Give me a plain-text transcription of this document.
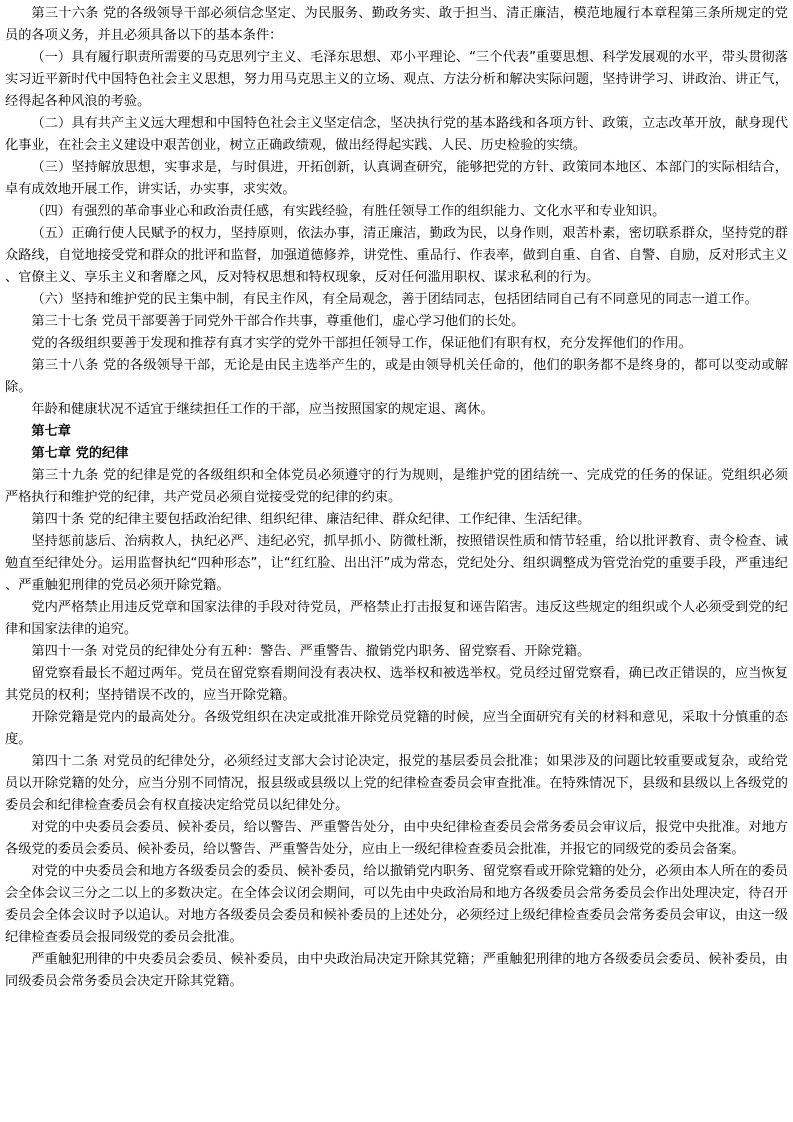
第三十六条 党的各级领导干部必须信念坚定、为民服务、勤政务实、敢于担当、清正廉洁，模范地履行本章程第三条所规定的党员的各项义务，并且必须具备以下的基本条件：

（一）具有履行职责所需要的马克思列宁主义、毛泽东思想、邓小平理论、“三个代表”重要思想、科学发展观的水平，带头贯彻落实习近平新时代中国特色社会主义思想，努力用马克思主义的立场、观点、方法分析和解决实际问题，坚持讲学习、讲政治、讲正气，经得起各种风浪的考验。

（二）具有共产主义远大理想和中国特色社会主义坚定信念，坚决执行党的基本路线和各项方针、政策，立志改革开放，献身现代化事业，在社会主义建设中艰苦创业，树立正确政绩观，做出经得起实践、人民、历史检验的实绩。

（三）坚持解放思想，实事求是，与时俱进，开拓创新，认真调查研究，能够把党的方针、政策同本地区、本部门的实际相结合，卓有成效地开展工作，讲实话，办实事，求实效。

（四）有强烈的革命事业心和政治责任感，有实践经验，有胜任领导工作的组织能力、文化水平和专业知识。

（五）正确行使人民赋予的权力，坚持原则，依法办事，清正廉洁，勤政为民，以身作则，艰苦朴素，密切联系群众，坚持党的群众路线，自觉地接受党和群众的批评和监督，加强道德修养，讲党性、重品行、作表率，做到自重、自省、自警、自励，反对形式主义、官僚主义、享乐主义和奢靡之风，反对特权思想和特权现象，反对任何滥用职权、谋求私利的行为。

（六）坚持和维护党的民主集中制，有民主作风，有全局观念，善于团结同志，包括团结同自己有不同意见的同志一道工作。

第三十七条 党员干部要善于同党外干部合作共事，尊重他们，虚心学习他们的长处。

党的各级组织要善于发现和推荐有真才实学的党外干部担任领导工作，保证他们有职有权，充分发挥他们的作用。

第三十八条 党的各级领导干部，无论是由民主选举产生的，或是由领导机关任命的，他们的职务都不是终身的，都可以变动或解除。

年龄和健康状况不适宜于继续担任工作的干部，应当按照国家的规定退、离休。

第七章

第七章 党的纪律

第三十九条 党的纪律是党的各级组织和全体党员必须遵守的行为规则，是维护党的团结统一、完成党的任务的保证。党组织必须严格执行和维护党的纪律，共产党员必须自觉接受党的纪律的约束。

第四十条 党的纪律主要包括政治纪律、组织纪律、廉洁纪律、群众纪律、工作纪律、生活纪律。

坚持惩前毖后、治病救人，执纪必严、违纪必究，抓早抓小、防微杜渐，按照错误性质和情节轻重，给以批评教育、责令检查、诫勉直至纪律处分。运用监督执纪“四种形态”，让“红红脸、出出汗”成为常态，党纪处分、组织调整成为管党治党的重要手段，严重违纪、严重触犯刑律的党员必须开除党籍。

党内严格禁止用违反党章和国家法律的手段对待党员，严格禁止打击报复和诬告陷害。违反这些规定的组织或个人必须受到党的纪律和国家法律的追究。

第四十一条 对党员的纪律处分有五种：警告、严重警告、撤销党内职务、留党察看、开除党籍。

留党察看最长不超过两年。党员在留党察看期间没有表决权、选举权和被选举权。党员经过留党察看，确已改正错误的，应当恢复其党员的权利；坚持错误不改的，应当开除党籍。

开除党籍是党内的最高处分。各级党组织在决定或批准开除党员党籍的时候，应当全面研究有关的材料和意见，采取十分慎重的态度。

第四十二条 对党员的纪律处分，必须经过支部大会讨论决定，报党的基层委员会批准；如果涉及的问题比较重要或复杂，或给党员以开除党籍的处分，应当分别不同情况，报县级或县级以上党的纪律检查委员会审查批准。在特殊情况下，县级和县级以上各级党的委员会和纪律检查委员会有权直接决定给党员以纪律处分。

对党的中央委员会委员、候补委员，给以警告、严重警告处分，由中央纪律检查委员会常务委员会审议后，报党中央批准。对地方各级党的委员会委员、候补委员，给以警告、严重警告处分，应由上一级纪律检查委员会批准，并报它的同级党的委员会备案。

对党的中央委员会和地方各级委员会的委员、候补委员，给以撤销党内职务、留党察看或开除党籍的处分，必须由本人所在的委员会全体会议三分之二以上的多数决定。在全体会议闭会期间，可以先由中央政治局和地方各级委员会常务委员会作出处理决定，待召开委员会全体会议时予以追认。对地方各级委员会委员和候补委员的上述处分，必须经过上级纪律检查委员会常务委员会审议，由这一级纪律检查委员会报同级党的委员会批准。

严重触犯刑律的中央委员会委员、候补委员，由中央政治局决定开除其党籍；严重触犯刑律的地方各级委员会委员、候补委员，由同级委员会常务委员会决定开除其党籍。
